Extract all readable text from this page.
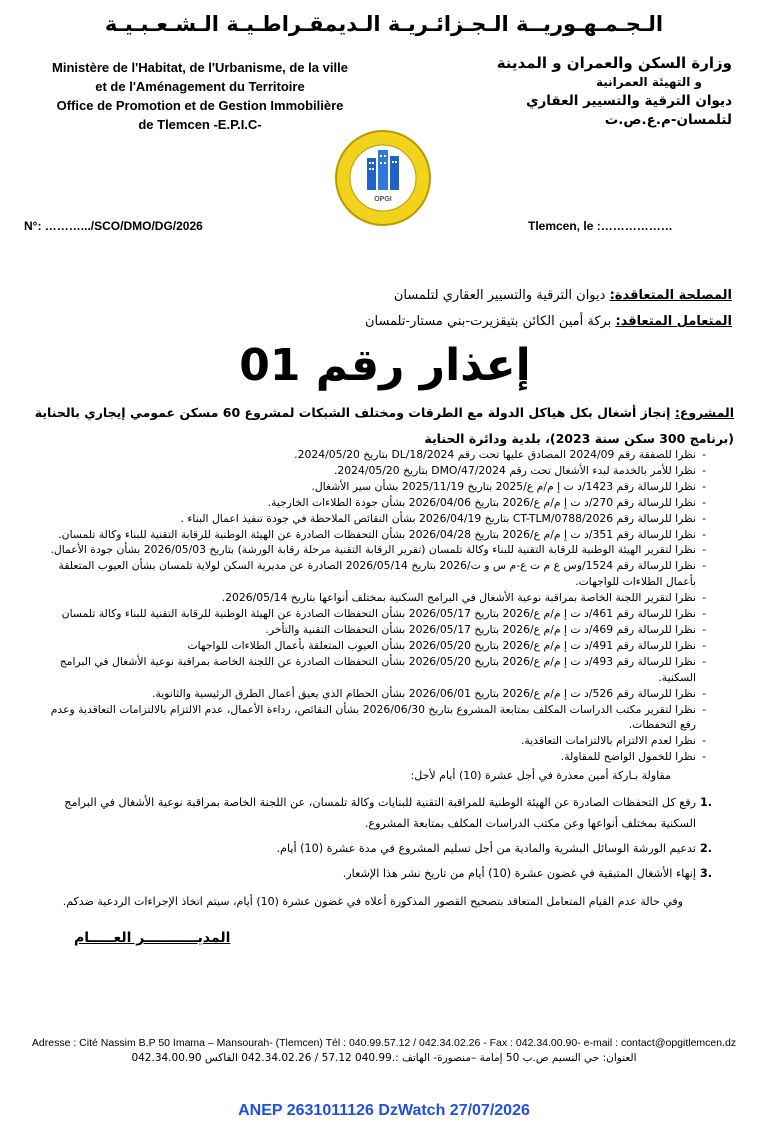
الـجـمـهـوريــة الـجـزائـريـة الـديمقـراطـيـة الـشـعـبـيـة
Ministère de l'Habitat, de l'Urbanisme, de la ville
et de l'Aménagement du Territoire
Office de Promotion et de Gestion Immobilière
de Tlemcen -E.P.I.C-
وزارة السكن والعمران و المدينة
و التهيئة العمرانية
ديوان الترقية والتسيير العقاري
لتلمسان-م.ع.ص.ت
OPGI
N°: ……….../SCO/DMO/DG/2026	Tlemcen, le :………………
المصلحة المتعاقدة: ديوان الترقية والتسيير العقاري لتلمسان
المتعامل المتعاقد: بركة أمين الكائن بتيقزيرت-بني مستار-تلمسان
إعذار رقم 01
المشروع: إنجاز أشغال بكل هياكل الدولة مع الطرقات ومختلف الشبكات لمشروع 60 مسكن عمومي إيجاري بالحناية (برنامج 300 سكن سنة 2023)، بلدية ودائرة الحناية
- نظرا للصفقة رقم 2024/09 المصادق عليها تحت رقم 2024/DL/18 بتاريخ 2024/05/20.
- نظرا للأمر بالخدمة لبدء الأشغال تحت رقم 2024/DMO/47 بتاريخ 2024/05/20.
- نظرا للرسالة رقم 1423/د ت إ م/م ع/2025 بتاريخ 2025/11/19 بشأن سير الأشغال.
- نظرا للرسالة رقم 270/د ت إ م/م ع/2026 بتاريخ 2026/04/06 بشأن جودة الطلاءات الخارجية.
- نظرا للرسالة رقم 2026/CT-TLM/0788 بتاريخ 2026/04/19 بشأن النقائص الملاحظة في جودة تنفيذ اعمال البناء .
- نظرا للرسالة رقم 351/د ت إ م/م ع/2026 بتاريخ 2026/04/28 بشأن التحفظات الصادرة عن الهيئة الوطنية للرقابة التقنية للبناء وكالة تلمسان.
- نظرا لتقرير الهيئة الوطنية للرقابة التقنية للبناء وكالة تلمسان (تقرير الرقابة التقنية مرحلة رقابة الورشة) بتاريخ 2026/05/03 بشأن جودة الأعمال.
- نظرا للرسالة رقم 1524/وس ع م ت ع-م س و ت/2026 بتاريخ 2026/05/14 الصادرة عن مديرية السكن لولاية تلمسان بشأن العيوب المتعلقة بأعمال الطلاءات للواجهات.
- نظرا لتقرير اللجنة الخاصة بمراقبة نوعية الأشغال في البرامج السكنية بمختلف أنواعها بتاريخ 2026/05/14.
- نظرا للرسالة رقم 461/د ت إ م/م ع/2026 بتاريخ 2026/05/17 بشأن التحفظات الصادرة عن الهيئة الوطنية للرقابة التقنية للبناء وكالة تلمسان
- نظرا للرسالة رقم 469/د ت إ م/م ع/2026 بتاريخ 2026/05/17 بشأن التحفظات التقنية والتأخر.
- نظرا للرسالة رقم 491/د ت إ م/م ع/2026 بتاريخ 2026/05/20 بشأن العيوب المتعلقة بأعمال الطلاءات للواجهات
- نظرا للرسالة رقم 493/د ت إ م/م ع/2026 بتاريخ 2026/05/20 بشأن التحفظات الصادرة عن اللجنة الخاصة بمراقبة نوعية الأشغال في البرامج السكنية.
- نظرا للرسالة رقم 526/د ت إ م/م ع/2026 بتاريخ 2026/06/01 بشأن الحطام الذي يعيق أعمال الطرق الرئيسية والثانوية.
- نظرا لتقرير مكتب الدراسات المكلف بمتابعة المشروع بتاريخ 2026/06/30 بشأن النقائص، رداءة الأعمال، عدم الالتزام بالالتزامات التعاقدية وعدم رفع التحفظات.
- نظرا لعدم الالتزام بالالتزامات التعاقدية.
- نظرا للخمول الواضح للمقاولة.
مقاولة بـاركة أمين معذرة في أجل عشرة (10) أيام لأجل:
.1
رفع كل التحفظات الصادرة عن الهيئة الوطنية للمراقبة التقنية للبنايات وكالة تلمسان، عن اللجنة الخاصة بمراقبة نوعية الأشغال في البرامج السكنية بمختلف أنواعها وعن مكتب الدراسات المكلف بمتابعة المشروع.
.2
تدعيم الورشة الوسائل البشرية والمادية من أجل تسليم المشروع في مدة عشرة (10) أيام.
.3
إنهاء الأشغال المتبقية في غضون عشرة (10) أيام من تاريخ نشر هذا الإشعار.
وفي حالة عدم القيام المتعامل المتعاقد بتصحيح القصور المذكورة أعلاه في غضون عشرة (10) أيام، سيتم اتخاذ الإجراءات الردعية ضدكم.
المديـــــــــــر العـــــام
Adresse : Cité Nassim B.P 50 Imama – Mansourah- (Tlemcen) Tél : 040.99.57.12 / 042.34.02.26 - Fax : 042.34.00.90- e-mail : contact@opgitlemcen.dz
العنوان: حي النسيم ص.ب 50 إمامة –منصورة- الهاتف :.040.99 57.12 / 042.34.02.26 الفاكس 042.34.00.90
ANEP 2631011126 DzWatch 27/07/2026
